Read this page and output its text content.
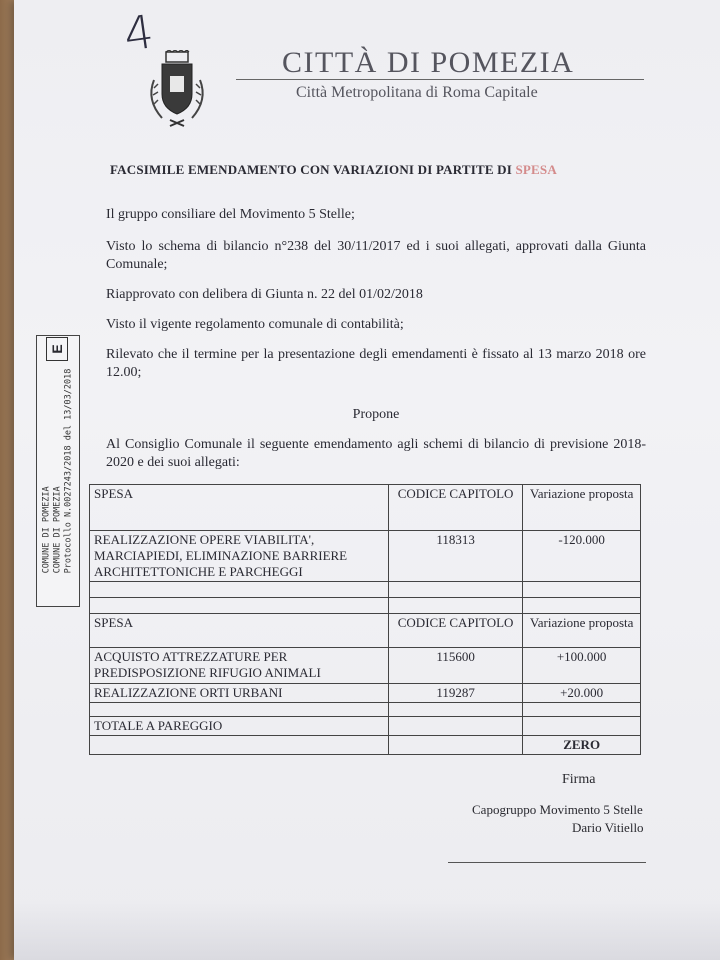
4
CITTÀ DI POMEZIA
Città Metropolitana di Roma Capitale
FACSIMILE EMENDAMENTO CON VARIAZIONI DI PARTITE DI SPESA
Il gruppo consiliare del Movimento 5 Stelle;
Visto lo schema di bilancio n°238 del 30/11/2017 ed i suoi allegati, approvati dalla Giunta Comunale;
Riapprovato con delibera di Giunta n. 22 del 01/02/2018
Visto il vigente regolamento comunale di contabilità;
Rilevato che il termine per la presentazione degli emendamenti è fissato al 13 marzo 2018 ore 12.00;
Propone
Al Consiglio Comunale il seguente emendamento agli schemi di bilancio di previsione 2018-2020 e dei suoi allegati:
COMUNE DI POMEZIA COMUNE DI POMEZIA Protocollo N.0027243/2018 del 13/03/2018
E
SPESA	CODICE CAPITOLO	Variazione proposta
REALIZZAZIONE OPERE VIABILITA', MARCIAPIEDI, ELIMINAZIONE BARRIERE ARCHITETTONICHE E PARCHEGGI	118313	-120.000

SPESA	CODICE CAPITOLO	Variazione proposta
ACQUISTO ATTREZZATURE PER PREDISPOSIZIONE RIFUGIO ANIMALI	115600	+100.000
REALIZZAZIONE ORTI URBANI	119287	+20.000

TOTALE A PAREGGIO		
		ZERO
Firma
Capogruppo Movimento 5 Stelle
Dario Vitiello
